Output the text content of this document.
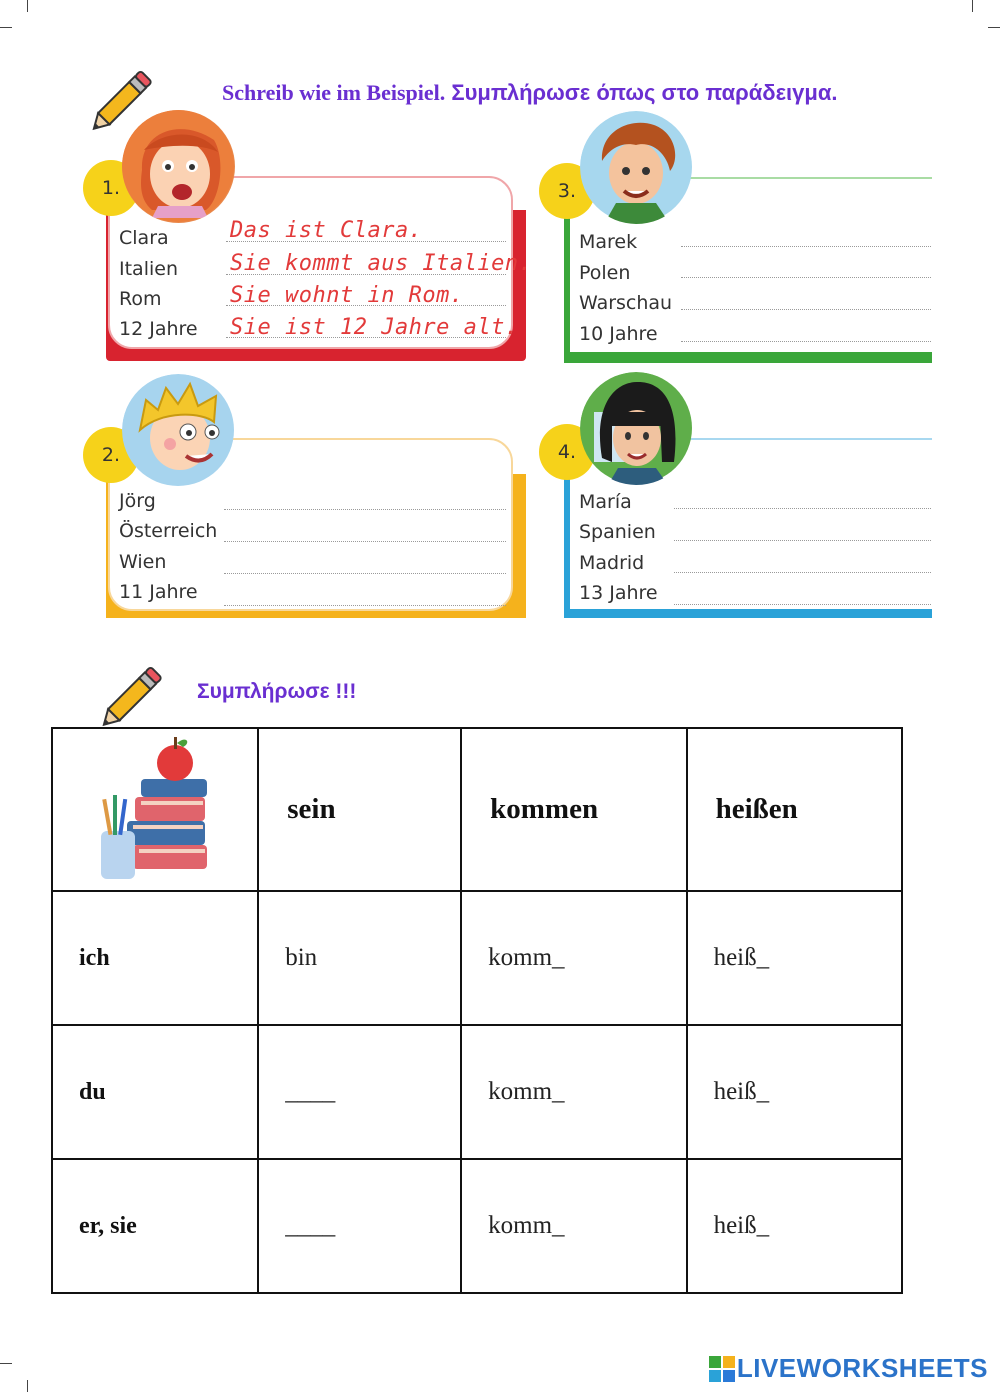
Schreib wie im Beispiel. Συμπλήρωσε όπως στο παράδειγμα.
1.
Clara
Italien
Rom
12 Jahre
Das ist Clara.
Sie kommt aus Italien.
Sie wohnt in Rom.
Sie ist 12 Jahre alt.
3.
Marek
Polen
Warschau
10 Jahre
2.
Jörg
Österreich
Wien
11 Jahre
4.
María
Spanien
Madrid
13 Jahre
Συμπλήρωσε !!!
	sein	kommen	heißen
ich	bin	komm_	heiß_
du	____	komm_	heiß_
er, sie	____	komm_	heiß_
LIVEWORKSHEETS
